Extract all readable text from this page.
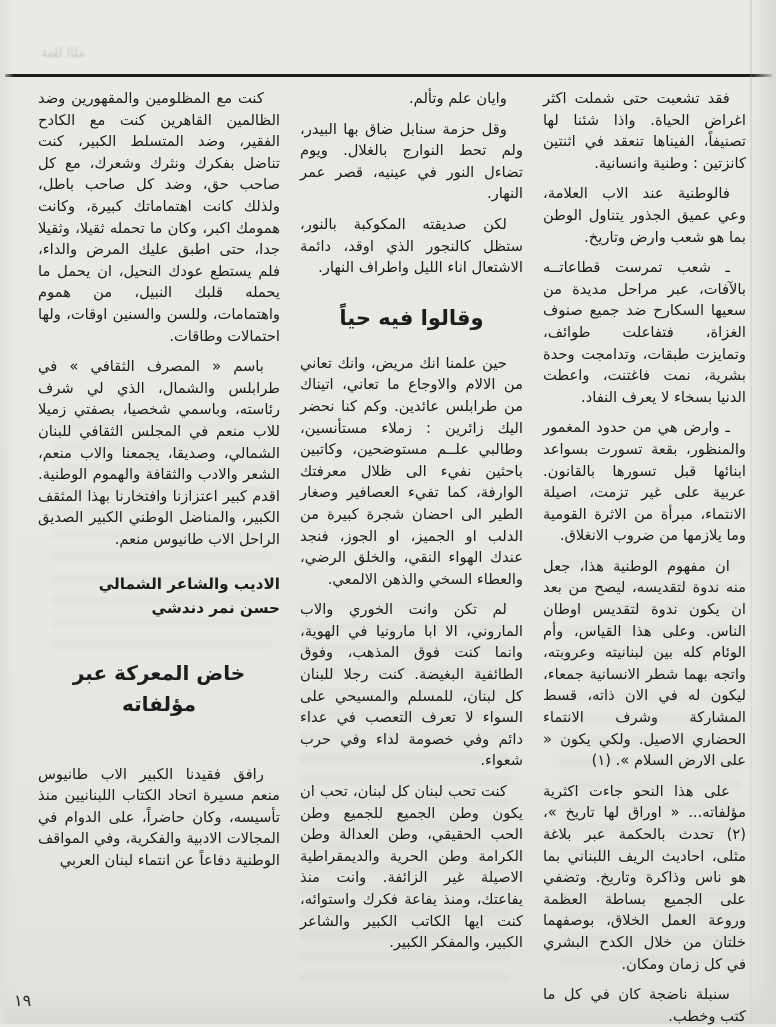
عطا الله

فقد تشعبت حتى شملت اكثر اغراض الحياة. واذا شئنا لها تصنيفاً، الفيناها تنعقد في اثنتين كانزتين : وطنية وانسانية.

فالوطنية عند الاب العلامة، وعي عميق الجذور يتناول الوطن بما هو شعب وارض وتاريخ.

ـ شعب تمرست قطاعاتــه بالآفات، عبر مراحل مديدة من سعيها السكارح ضد جميع صنوف الغزاة، فتفاعلت طوائف، وتمايزت طبقات، وتدامجت وحدة بشرية، نمت فاغتنت، واعطت الدنيا بسخاء لا يعرف النفاد.

ـ وارض هي من حدود المغمور والمنظور، بقعة تسورت بسواعد ابنائها قبل تسورها بالقانون. عربية على غير تزمت، اصيلة الانتماء، مبرأة من الاثرة القومية وما يلازمها من ضروب الانغلاق.

ان مفهوم الوطنية هذا، جعل منه ندوة لتقديسه، ليصح من بعد ان يكون ندوة لتقديس اوطان الناس. وعلى هذا القياس، وأم الوئام كله بين لبنانيته وعروبته، واتجه بهما شطر الانسانية جمعاء، ليكون له في الان ذاته، قسط المشاركة وشرف الانتماء الحضاري الاصيل. ولكي يكون « على الارض السلام ». (١)

على هذا النحو جاءت اكثرية مؤلفاته... « اوراق لها تاريخ »، (٢) تحدث بالحكمة عبر بلاغة مثلى، احاديث الريف اللبناني بما هو ناس وذاكرة وتاريخ. وتضفي على الجميع بساطة العظمة وروعة العمل الخلاق، بوصفهما خلتان من خلال الكدح البشري في كل زمان ومكان.

سنبلة ناضجة كان في كل ما كتب وخطب.

وايان علم وتألم.

وقل حزمة سنابل ضاق بها البيدر، ولم تحط النوارج بالغلال. ويوم تضاءل النور في عينيه، قصر عمر النهار.

لكن صديقته المكوكبة بالنور، ستظل كالنجور الذي اوقد، دائمة الاشتعال اناء الليل واطراف النهار.

وقالوا فيه حياً

حين علمنا انك مريض، وانك تعاني من الالام والاوجاع ما تعاني، اتيناك من طرابلس عائدين. وكم كنا نحضر اليك زائرين : زملاء مستأنسين، وطالبي علــم مستوضحين، وكاتبين باحثين نفيء الى ظلال معرفتك الوارفة، كما تفيء العصافير وصغار الطير الى احضان شجرة كبيرة من الدلب او الجميز، او الجوز، فنجد عندك الهواء النقي، والخلق الرضي، والعطاء السخي والذهن الالمعي.

لم تكن وانت الخوري والاب الماروني، الا ابا مارونيا في الهوية، وانما كنت فوق المذهب، وفوق الطائفية البغيضة. كنت رجلا للبنان كل لبنان، للمسلم والمسيحي على السواء لا تعرف التعصب في عداء دائم وفي خصومة لداء وفي حرب شعواء.

كنت تحب لبنان كل لبنان، تحب ان يكون وطن الجميع للجميع وطن الحب الحقيقي، وطن العدالة وطن الكرامة وطن الحرية والديمقراطية الاصيلة غير الزائفة. وانت منذ يفاعتك، ومنذ يفاعة فكرك واستوائه، كنت ايها الكاتب الكبير والشاعر الكبير، والمفكر الكبير.

كنت مع المظلومين والمقهورين وضد الظالمين القاهرين كنت مع الكادح الفقير، وضد المتسلط الكبير، كنت تناضل بفكرك ونثرك وشعرك، مع كل صاحب حق، وضد كل صاحب باطل، ولذلك كانت اهتماماتك كبيرة، وكانت همومك اكبر، وكان ما تحمله ثقيلا، وثقيلا جدا، حتى اطبق عليك المرض والداء، فلم يستطع عودك النحيل، ان يحمل ما يحمله قلبك النبيل، من هموم واهتمامات، وللسن والسنين اوقات، ولها احتمالات وطاقات.

باسم « المصرف الثقافي » في طرابلس والشمال، الذي لي شرف رئاسته، وباسمي شخصيا، بصفتي زميلا للاب منعم في المجلس الثقافي للبنان الشمالي، وصديقا، يجمعنا والاب منعم، الشعر والادب والثقافة والهموم الوطنية. اقدم كبير اعتزازنا وافتخارنا بهذا المثقف الكبير، والمناضل الوطني الكبير الصديق الراحل الاب طانيوس منعم.

الاديب والشاعر الشمالي

حسن نمر دندشي

خاض المعركة عبر
مؤلفاته

رافق فقيدنا الكبير الاب طانيوس منعم مسيرة اتحاد الكتاب اللبنانيين منذ تأسيسه، وكان حاضراً، على الدوام في المجالات الادبية والفكرية، وفي المواقف الوطنية دفاعاً عن انتماء لبنان العربي

١٩
